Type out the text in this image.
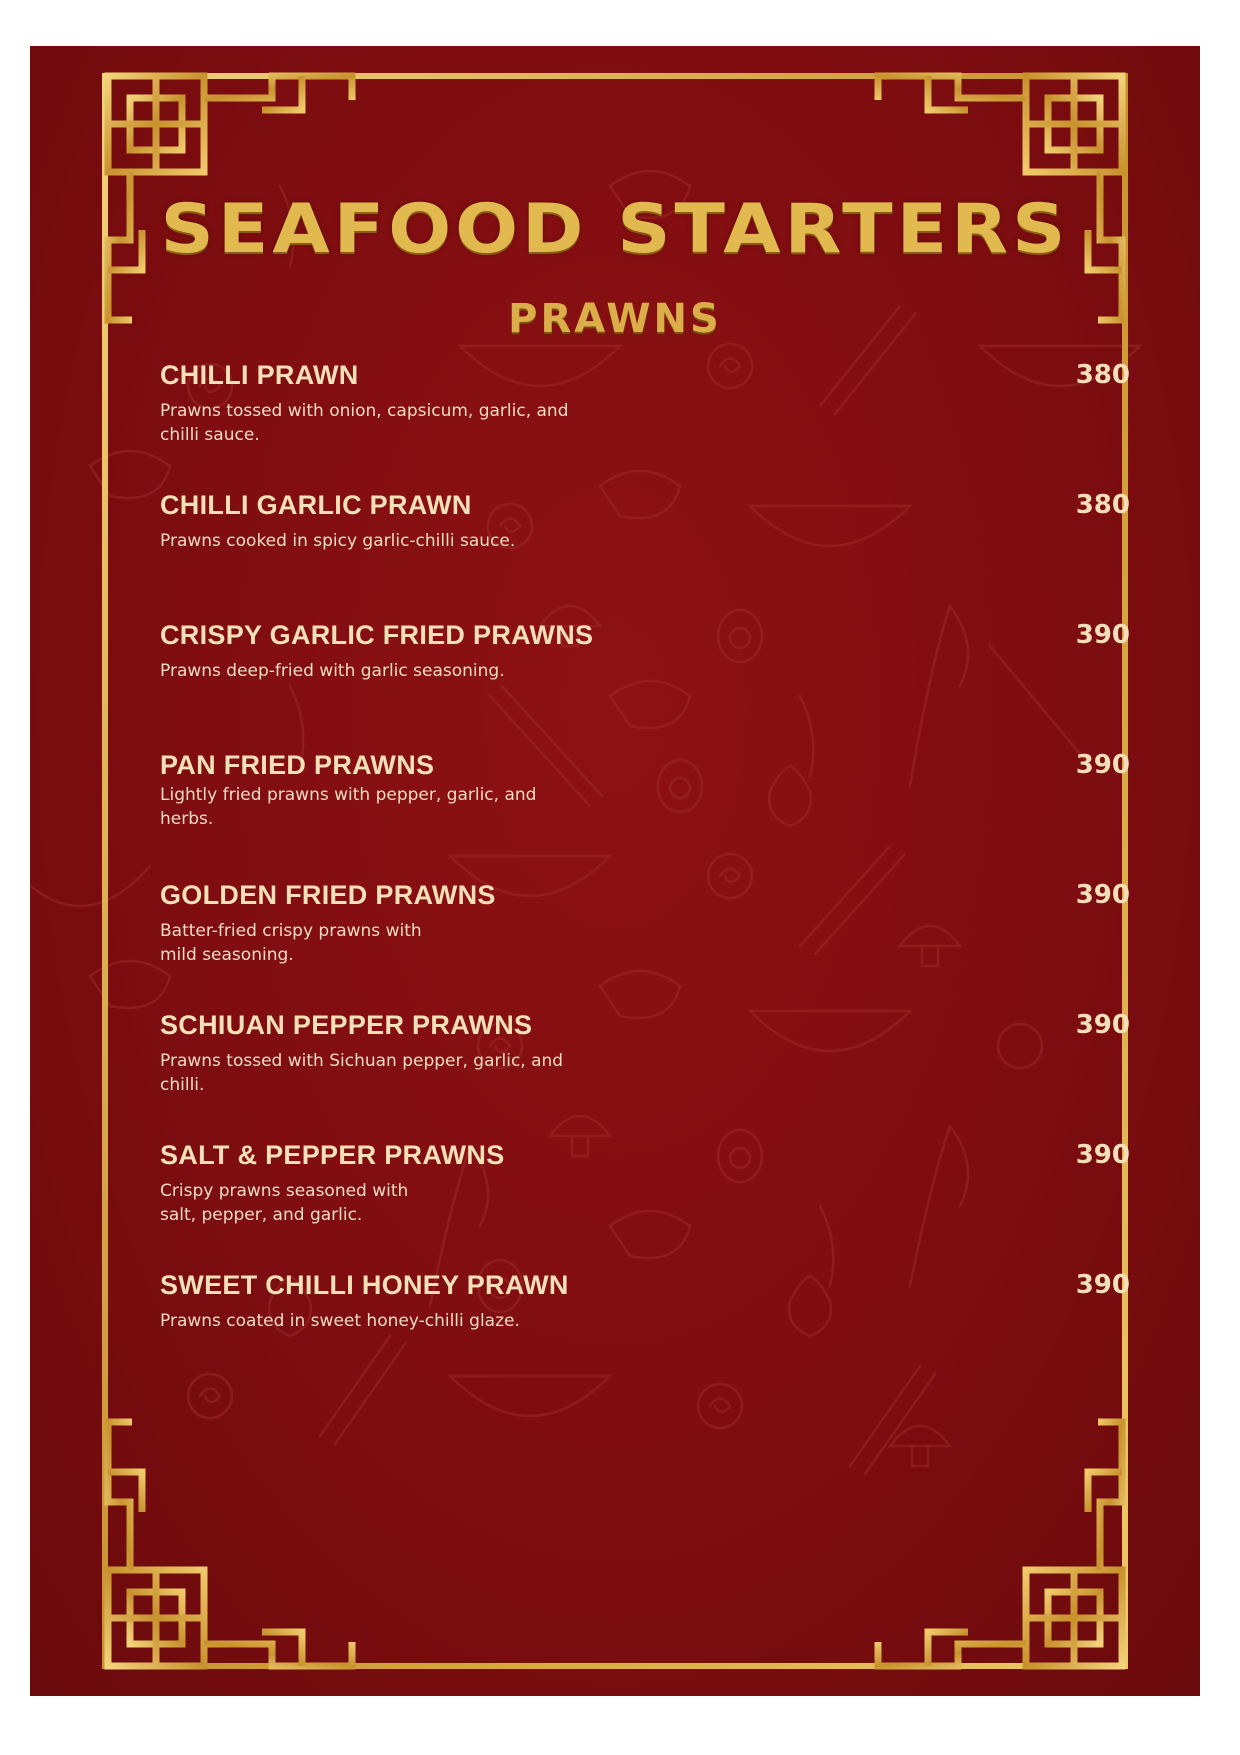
SEAFOOD STARTERS
PRAWNS
CHILLI PRAWN
Prawns tossed with onion, capsicum, garlic, and chilli sauce.
380
CHILLI GARLIC PRAWN
Prawns cooked in spicy garlic-chilli sauce.
380
CRISPY GARLIC FRIED PRAWNS
Prawns deep-fried with garlic seasoning.
390
PAN FRIED PRAWNS
Lightly fried prawns with pepper, garlic, and herbs.
390
GOLDEN FRIED PRAWNS
Batter-fried crispy prawns with mild seasoning.
390
SCHIUAN PEPPER PRAWNS
Prawns tossed with Sichuan pepper, garlic, and chilli.
390
SALT & PEPPER PRAWNS
Crispy prawns seasoned with salt, pepper, and garlic.
390
SWEET CHILLI HONEY PRAWN
Prawns coated in sweet honey-chilli glaze.
390
